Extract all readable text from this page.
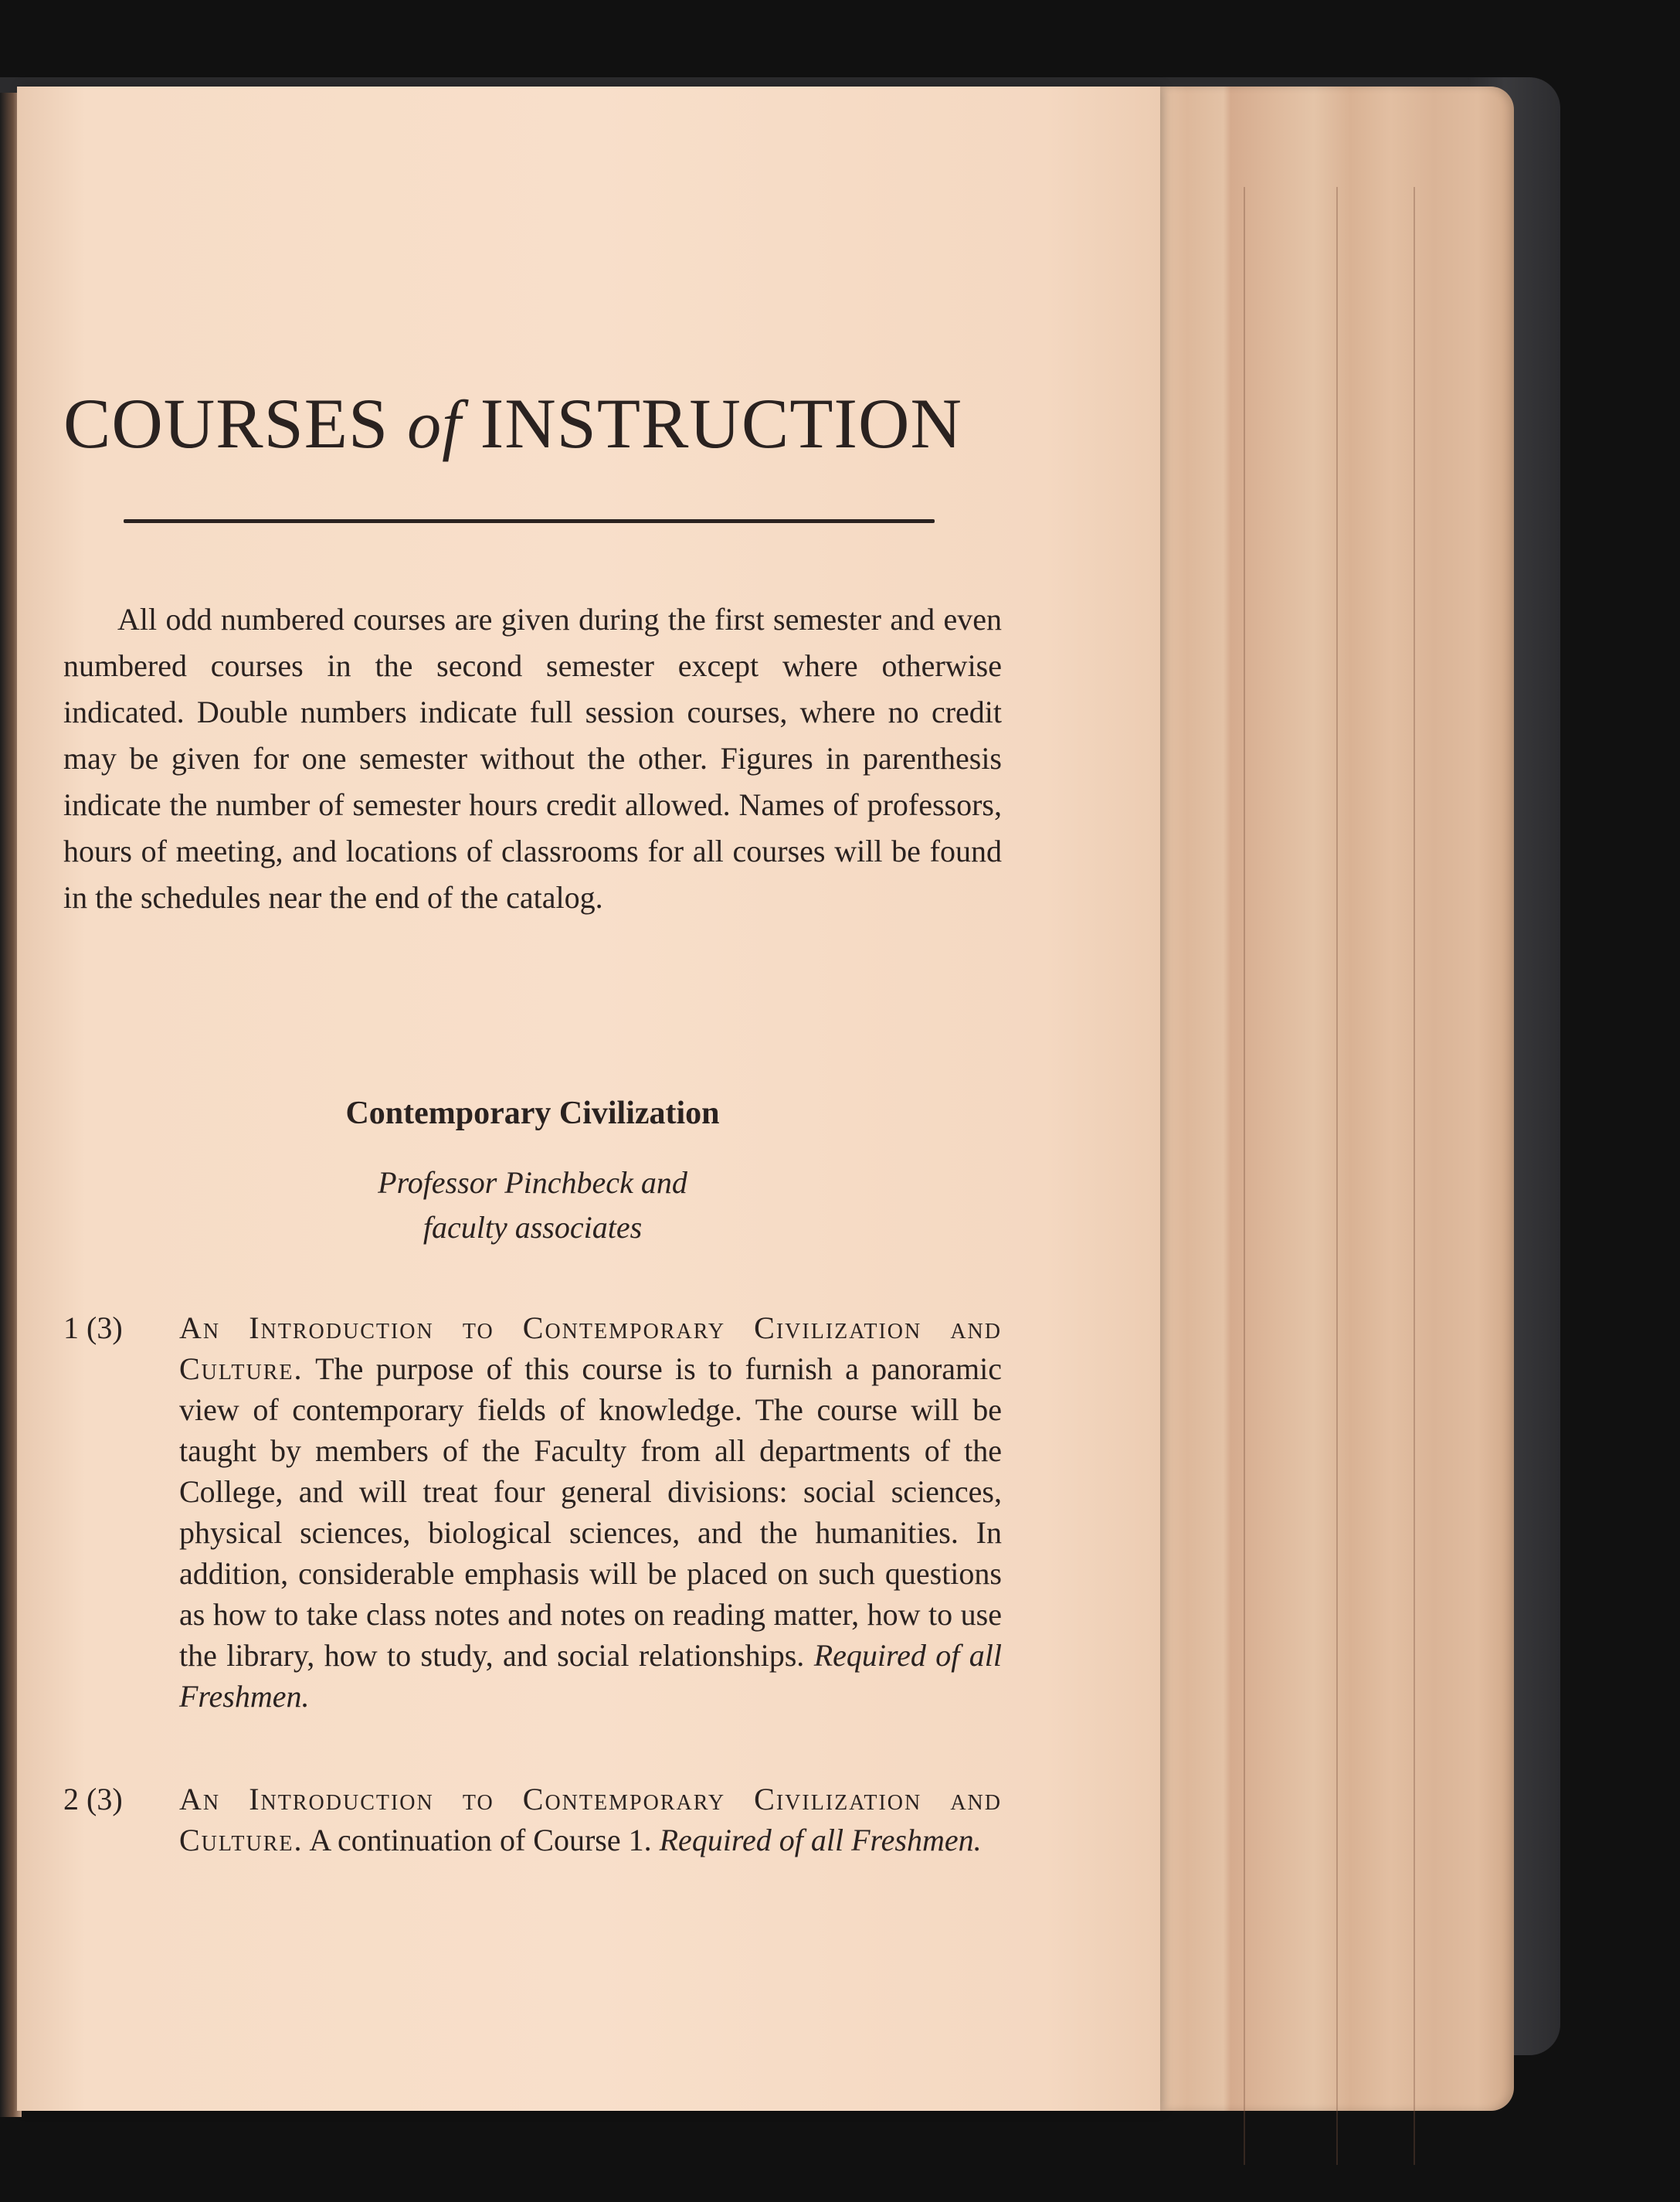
COURSES of INSTRUCTION

All odd numbered courses are given during the first semester and even numbered courses in the second semester except where otherwise indicated. Double numbers indicate full session courses, where no credit may be given for one semester without the other. Figures in parenthesis indicate the number of semester hours credit allowed. Names of professors, hours of meeting, and locations of classrooms for all courses will be found in the schedules near the end of the catalog.

Contemporary Civilization
Professor Pinchbeck and
faculty associates
1 (3) An Introduction to Contemporary Civilization and Culture. The purpose of this course is to furnish a panoramic view of contemporary fields of knowledge. The course will be taught by members of the Faculty from all departments of the College, and will treat four general divisions: social sciences, physical sciences, biological sciences, and the humanities. In addition, considerable emphasis will be placed on such questions as how to take class notes and notes on reading matter, how to use the library, how to study, and social relationships. Required of all Freshmen.
2 (3) An Introduction to Contemporary Civilization and Culture. A continuation of Course 1. Required of all Freshmen.
